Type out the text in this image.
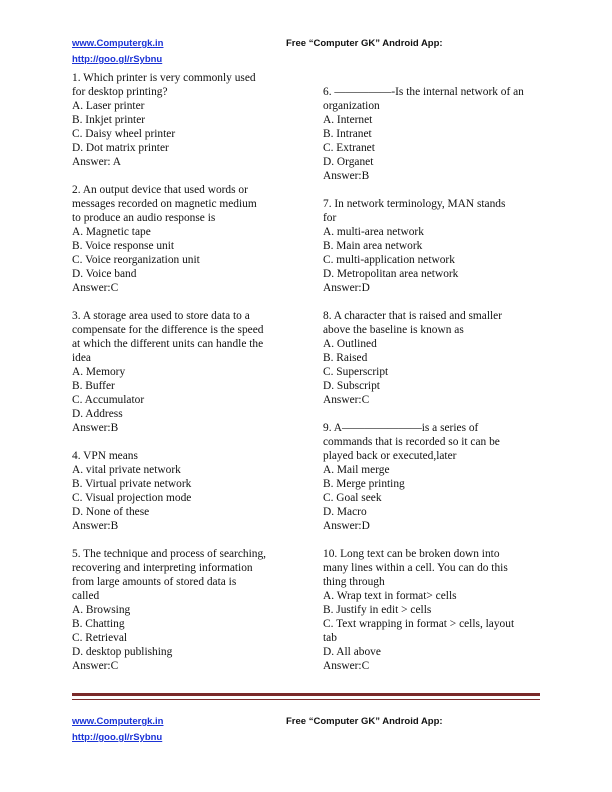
www.Computergk.in
http://goo.gl/rSybnu
Free “Computer GK” Android App:
1. Which printer is very commonly used
for desktop printing?
A. Laser printer
B. Inkjet printer
C. Daisy wheel printer
D. Dot matrix printer
Answer: A
2. An output device that used words or
messages recorded on magnetic medium
to produce an audio response is
A. Magnetic tape
B. Voice response unit
C. Voice reorganization unit
D. Voice band
Answer:C
3. A storage area used to store data to a
compensate for the difference is the speed
at which the different units can handle the
idea
A. Memory
B. Buffer
C. Accumulator
D. Address
Answer:B
4. VPN means
A. vital private network
B. Virtual private network
C. Visual projection mode
D. None of these
Answer:B
5. The technique and process of searching,
recovering and interpreting information
from large amounts of stored data is
called
A. Browsing
B. Chatting
C. Retrieval
D. desktop publishing
Answer:C
6. —————-Is the internal network of an
organization
A. Internet
B. Intranet
C. Extranet
D. Organet
Answer:B
7. In network terminology, MAN stands
for
A. multi-area network
B. Main area network
C. multi-application network
D. Metropolitan area network
Answer:D
8. A character that is raised and smaller
above the baseline is known as
A. Outlined
B. Raised
C. Superscript
D. Subscript
Answer:C
9. A———————is a series of
commands that is recorded so it can be
played back or executed,later
A. Mail merge
B. Merge printing
C. Goal seek
D. Macro
Answer:D
10. Long text can be broken down into
many lines within a cell. You can do this
thing through
A. Wrap text in format> cells
B. Justify in edit > cells
C. Text wrapping in format > cells, layout
tab
D. All above
Answer:C
www.Computergk.in
http://goo.gl/rSybnu
Free “Computer GK” Android App:
